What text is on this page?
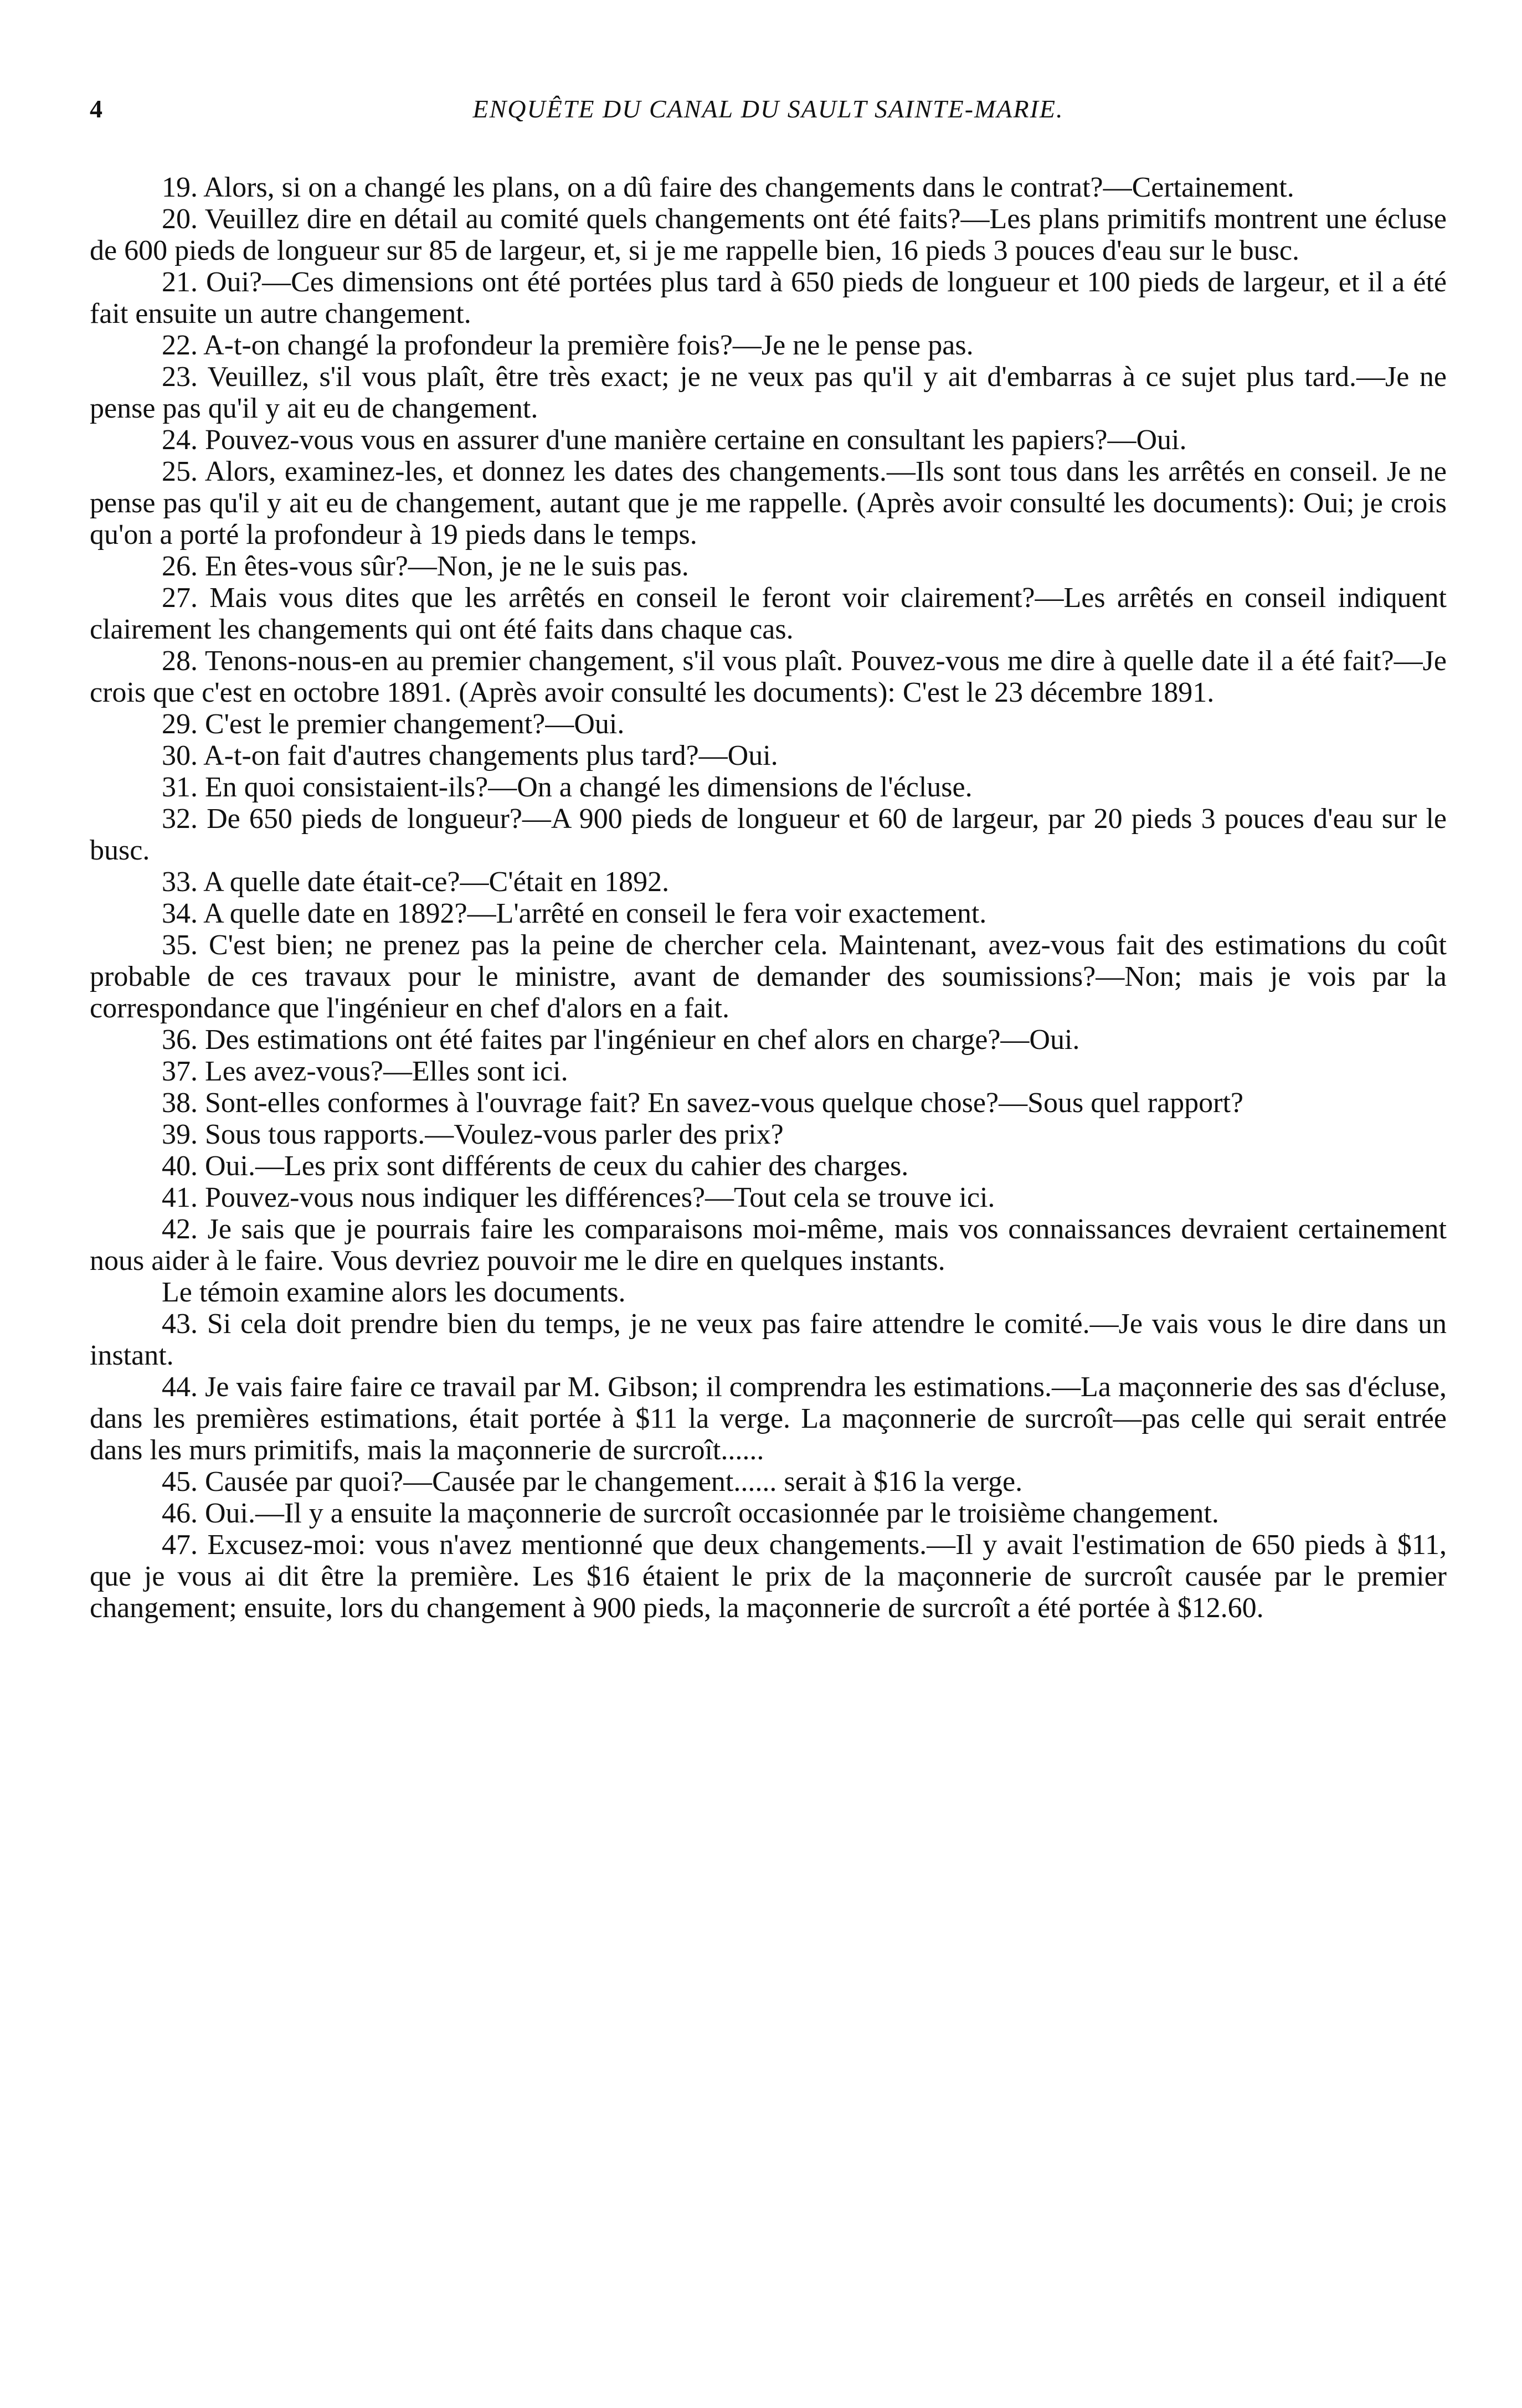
4	ENQUÊTE DU CANAL DU SAULT SAINTE-MARIE.

19. Alors, si on a changé les plans, on a dû faire des changements dans le contrat?—Certainement.

20. Veuillez dire en détail au comité quels changements ont été faits?—Les plans primitifs montrent une écluse de 600 pieds de longueur sur 85 de largeur, et, si je me rappelle bien, 16 pieds 3 pouces d'eau sur le busc.

21. Oui?—Ces dimensions ont été portées plus tard à 650 pieds de longueur et 100 pieds de largeur, et il a été fait ensuite un autre changement.

22. A-t-on changé la profondeur la première fois?—Je ne le pense pas.

23. Veuillez, s'il vous plaît, être très exact; je ne veux pas qu'il y ait d'embarras à ce sujet plus tard.—Je ne pense pas qu'il y ait eu de changement.

24. Pouvez-vous vous en assurer d'une manière certaine en consultant les papiers?—Oui.

25. Alors, examinez-les, et donnez les dates des changements.—Ils sont tous dans les arrêtés en conseil. Je ne pense pas qu'il y ait eu de changement, autant que je me rappelle. (Après avoir consulté les documents): Oui; je crois qu'on a porté la profondeur à 19 pieds dans le temps.

26. En êtes-vous sûr?—Non, je ne le suis pas.

27. Mais vous dites que les arrêtés en conseil le feront voir clairement?—Les arrêtés en conseil indiquent clairement les changements qui ont été faits dans chaque cas.

28. Tenons-nous-en au premier changement, s'il vous plaît. Pouvez-vous me dire à quelle date il a été fait?—Je crois que c'est en octobre 1891. (Après avoir consulté les documents): C'est le 23 décembre 1891.

29. C'est le premier changement?—Oui.

30. A-t-on fait d'autres changements plus tard?—Oui.

31. En quoi consistaient-ils?—On a changé les dimensions de l'écluse.

32. De 650 pieds de longueur?—A 900 pieds de longueur et 60 de largeur, par 20 pieds 3 pouces d'eau sur le busc.

33. A quelle date était-ce?—C'était en 1892.

34. A quelle date en 1892?—L'arrêté en conseil le fera voir exactement.

35. C'est bien; ne prenez pas la peine de chercher cela. Maintenant, avez-vous fait des estimations du coût probable de ces travaux pour le ministre, avant de demander des soumissions?—Non; mais je vois par la correspondance que l'ingénieur en chef d'alors en a fait.

36. Des estimations ont été faites par l'ingénieur en chef alors en charge?—Oui.

37. Les avez-vous?—Elles sont ici.

38. Sont-elles conformes à l'ouvrage fait? En savez-vous quelque chose?—Sous quel rapport?

39. Sous tous rapports.—Voulez-vous parler des prix?

40. Oui.—Les prix sont différents de ceux du cahier des charges.

41. Pouvez-vous nous indiquer les différences?—Tout cela se trouve ici.

42. Je sais que je pourrais faire les comparaisons moi-même, mais vos connaissances devraient certainement nous aider à le faire. Vous devriez pouvoir me le dire en quelques instants.

Le témoin examine alors les documents.

43. Si cela doit prendre bien du temps, je ne veux pas faire attendre le comité.—Je vais vous le dire dans un instant.

44. Je vais faire faire ce travail par M. Gibson; il comprendra les estimations.—La maçonnerie des sas d'écluse, dans les premières estimations, était portée à $11 la verge. La maçonnerie de surcroît—pas celle qui serait entrée dans les murs primitifs, mais la maçonnerie de surcroît......

45. Causée par quoi?—Causée par le changement...... serait à $16 la verge.

46. Oui.—Il y a ensuite la maçonnerie de surcroît occasionnée par le troisième changement.

47. Excusez-moi: vous n'avez mentionné que deux changements.—Il y avait l'estimation de 650 pieds à $11, que je vous ai dit être la première. Les $16 étaient le prix de la maçonnerie de surcroît causée par le premier changement; ensuite, lors du changement à 900 pieds, la maçonnerie de surcroît a été portée à $12.60.
